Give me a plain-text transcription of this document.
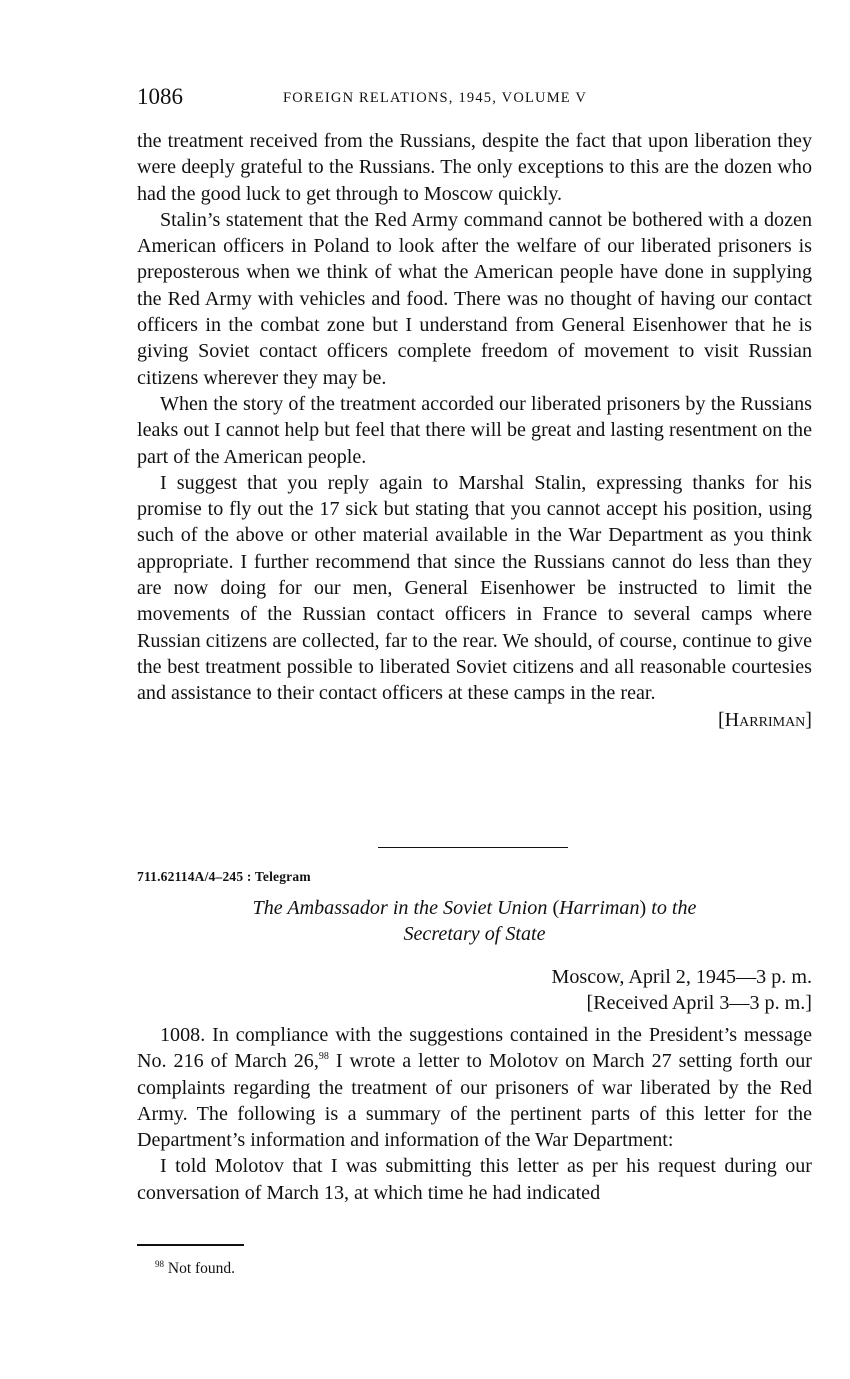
1086	FOREIGN RELATIONS, 1945, VOLUME V

the treatment received from the Russians, despite the fact that upon liberation they were deeply grateful to the Russians. The only exceptions to this are the dozen who had the good luck to get through to Moscow quickly.

Stalin’s statement that the Red Army command cannot be bothered with a dozen American officers in Poland to look after the welfare of our liberated prisoners is preposterous when we think of what the American people have done in supplying the Red Army with vehicles and food. There was no thought of having our contact officers in the combat zone but I understand from General Eisenhower that he is giving Soviet contact officers complete freedom of movement to visit Russian citizens wherever they may be.

When the story of the treatment accorded our liberated prisoners by the Russians leaks out I cannot help but feel that there will be great and lasting resentment on the part of the American people.

I suggest that you reply again to Marshal Stalin, expressing thanks for his promise to fly out the 17 sick but stating that you cannot accept his position, using such of the above or other material available in the War Department as you think appropriate. I further recommend that since the Russians cannot do less than they are now doing for our men, General Eisenhower be instructed to limit the movements of the Russian contact officers in France to several camps where Russian citizens are collected, far to the rear. We should, of course, continue to give the best treatment possible to liberated Soviet citizens and all reasonable courtesies and assistance to their contact officers at these camps in the rear.

[Harriman]

711.62114A/4–245 : Telegram
The Ambassador in the Soviet Union (Harriman) to the
Secretary of State
Moscow, April 2, 1945—3 p. m.
[Received April 3—3 p. m.]

1008. In compliance with the suggestions contained in the President’s message No. 216 of March 26,98 I wrote a letter to Molotov on March 27 setting forth our complaints regarding the treatment of our prisoners of war liberated by the Red Army. The following is a summary of the pertinent parts of this letter for the Department’s information and information of the War Department:

I told Molotov that I was submitting this letter as per his request during our conversation of March 13, at which time he had indicated

$^{98}$ Not found.
